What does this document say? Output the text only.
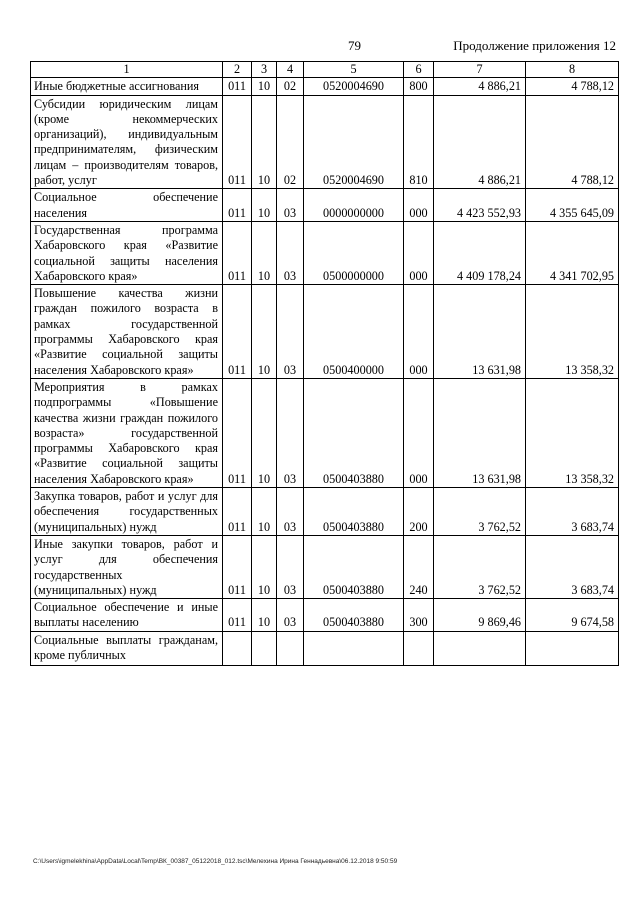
79	Продолжение приложения 12
1	2	3	4	5	6	7	8
Иные бюджетные ассигнования	011	10	02	0520004690	800	4 886,21	4 788,12
Субсидии юридическим лицам (кроме некоммерческих организаций), индивидуальным предпринимателям, физическим лицам – производителям товаров, работ, услуг	011	10	02	0520004690	810	4 886,21	4 788,12
Социальное обеспечение населения	011	10	03	0000000000	000	4 423 552,93	4 355 645,09
Государственная программа Хабаровского края «Развитие социальной защиты населения Хабаровского края»	011	10	03	0500000000	000	4 409 178,24	4 341 702,95
Повышение качества жизни граждан пожилого возраста в рамках государственной программы Хабаровского края «Развитие социальной защиты населения Хабаровского края»	011	10	03	0500400000	000	13 631,98	13 358,32
Мероприятия в рамках подпрограммы «Повышение качества жизни граждан пожилого возраста» государственной программы Хабаровского края «Развитие социальной защиты населения Хабаровского края»	011	10	03	0500403880	000	13 631,98	13 358,32
Закупка товаров, работ и услуг для обеспечения государственных (муниципальных) нужд	011	10	03	0500403880	200	3 762,52	3 683,74
Иные закупки товаров, работ и услуг для обеспечения государственных (муниципальных) нужд	011	10	03	0500403880	240	3 762,52	3 683,74
Социальное обеспечение и иные выплаты населению	011	10	03	0500403880	300	9 869,46	9 674,58
Социальные выплаты гражданам, кроме публичных							
C:\Users\igmelekhina\AppData\Local\Temp\ВК_00387_05122018_012.tsc\Мелехина Ирина Геннадьевна\06.12.2018 9:50:59
